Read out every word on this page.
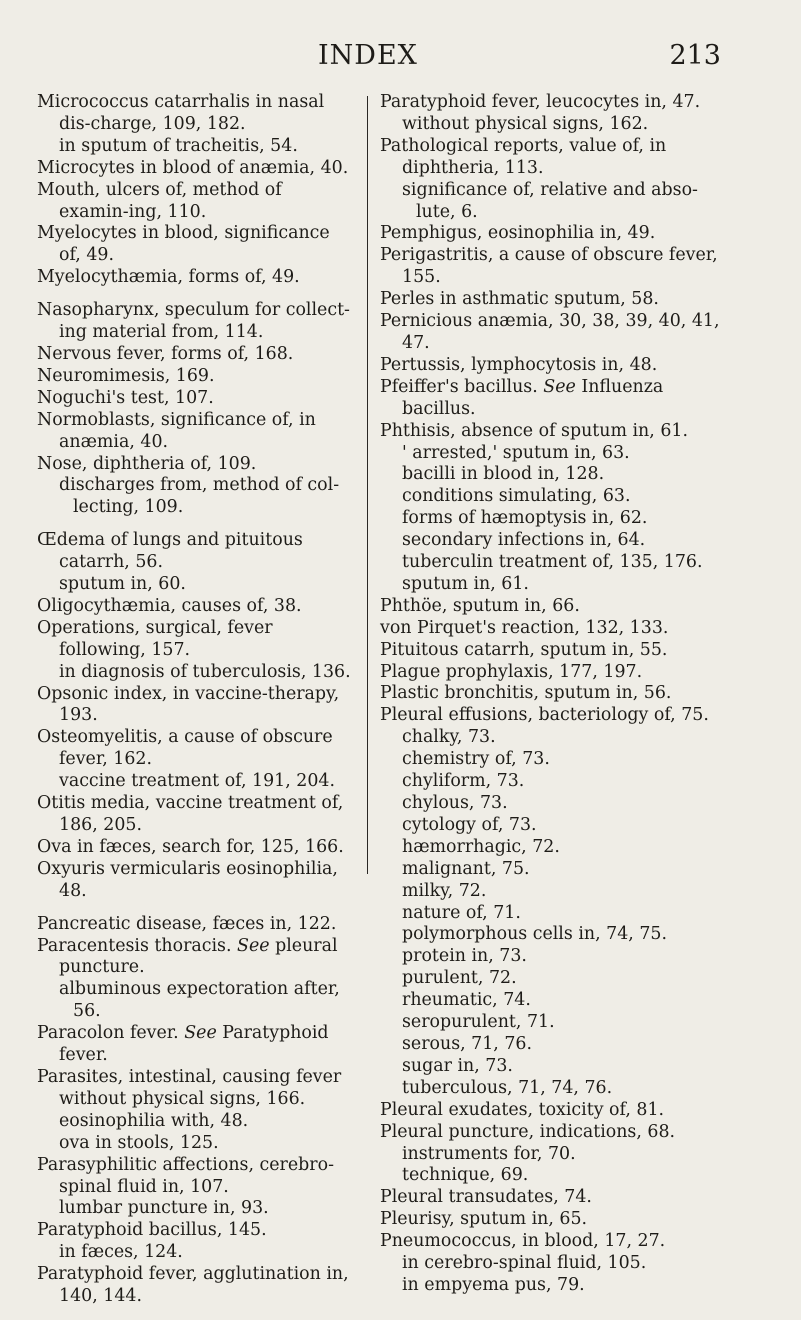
INDEX	213

Micrococcus catarrhalis in nasal dis-charge, 109, 182.

in sputum of tracheitis, 54.

Microcytes in blood of anæmia, 40.

Mouth, ulcers of, method of examin-ing, 110.

Myelocytes in blood, significance of, 49.

Myelocythæmia, forms of, 49.

Nasopharynx, speculum for collect-ing material from, 114.

Nervous fever, forms of, 168.

Neuromimesis, 169.

Noguchi's test, 107.

Normoblasts, significance of, in anæmia, 40.

Nose, diphtheria of, 109.

discharges from, method of col-lecting, 109.

Œdema of lungs and pituitous catarrh, 56.

sputum in, 60.

Oligocythæmia, causes of, 38.

Operations, surgical, fever following, 157.

in diagnosis of tuberculosis, 136.

Opsonic index, in vaccine-therapy, 193.

Osteomyelitis, a cause of obscure fever, 162.

vaccine treatment of, 191, 204.

Otitis media, vaccine treatment of, 186, 205.

Ova in fæces, search for, 125, 166.

Oxyuris vermicularis eosinophilia, 48.

Pancreatic disease, fæces in, 122.

Paracentesis thoracis. See pleural puncture.

albuminous expectoration after, 56.

Paracolon fever. See Paratyphoid fever.

Parasites, intestinal, causing fever without physical signs, 166.

eosinophilia with, 48.

ova in stools, 125.

Parasyphilitic affections, cerebro-spinal fluid in, 107.

lumbar puncture in, 93.

Paratyphoid bacillus, 145.

in fæces, 124.

Paratyphoid fever, agglutination in, 140, 144.

Paratyphoid fever, leucocytes in, 47.

without physical signs, 162.

Pathological reports, value of, in diphtheria, 113.

significance of, relative and abso-lute, 6.

Pemphigus, eosinophilia in, 49.

Perigastritis, a cause of obscure fever, 155.

Perles in asthmatic sputum, 58.

Pernicious anæmia, 30, 38, 39, 40, 41, 47.

Pertussis, lymphocytosis in, 48.

Pfeiffer's bacillus. See Influenza bacillus.

Phthisis, absence of sputum in, 61.

' arrested,' sputum in, 63.

bacilli in blood in, 128.

conditions simulating, 63.

forms of hæmoptysis in, 62.

secondary infections in, 64.

tuberculin treatment of, 135, 176.

sputum in, 61.

Phthöe, sputum in, 66.

von Pirquet's reaction, 132, 133.

Pituitous catarrh, sputum in, 55.

Plague prophylaxis, 177, 197.

Plastic bronchitis, sputum in, 56.

Pleural effusions, bacteriology of, 75.

chalky, 73.

chemistry of, 73.

chyliform, 73.

chylous, 73.

cytology of, 73.

hæmorrhagic, 72.

malignant, 75.

milky, 72.

nature of, 71.

polymorphous cells in, 74, 75.

protein in, 73.

purulent, 72.

rheumatic, 74.

seropurulent, 71.

serous, 71, 76.

sugar in, 73.

tuberculous, 71, 74, 76.

Pleural exudates, toxicity of, 81.

Pleural puncture, indications, 68.

instruments for, 70.

technique, 69.

Pleural transudates, 74.

Pleurisy, sputum in, 65.

Pneumococcus, in blood, 17, 27.

in cerebro-spinal fluid, 105.

in empyema pus, 79.
